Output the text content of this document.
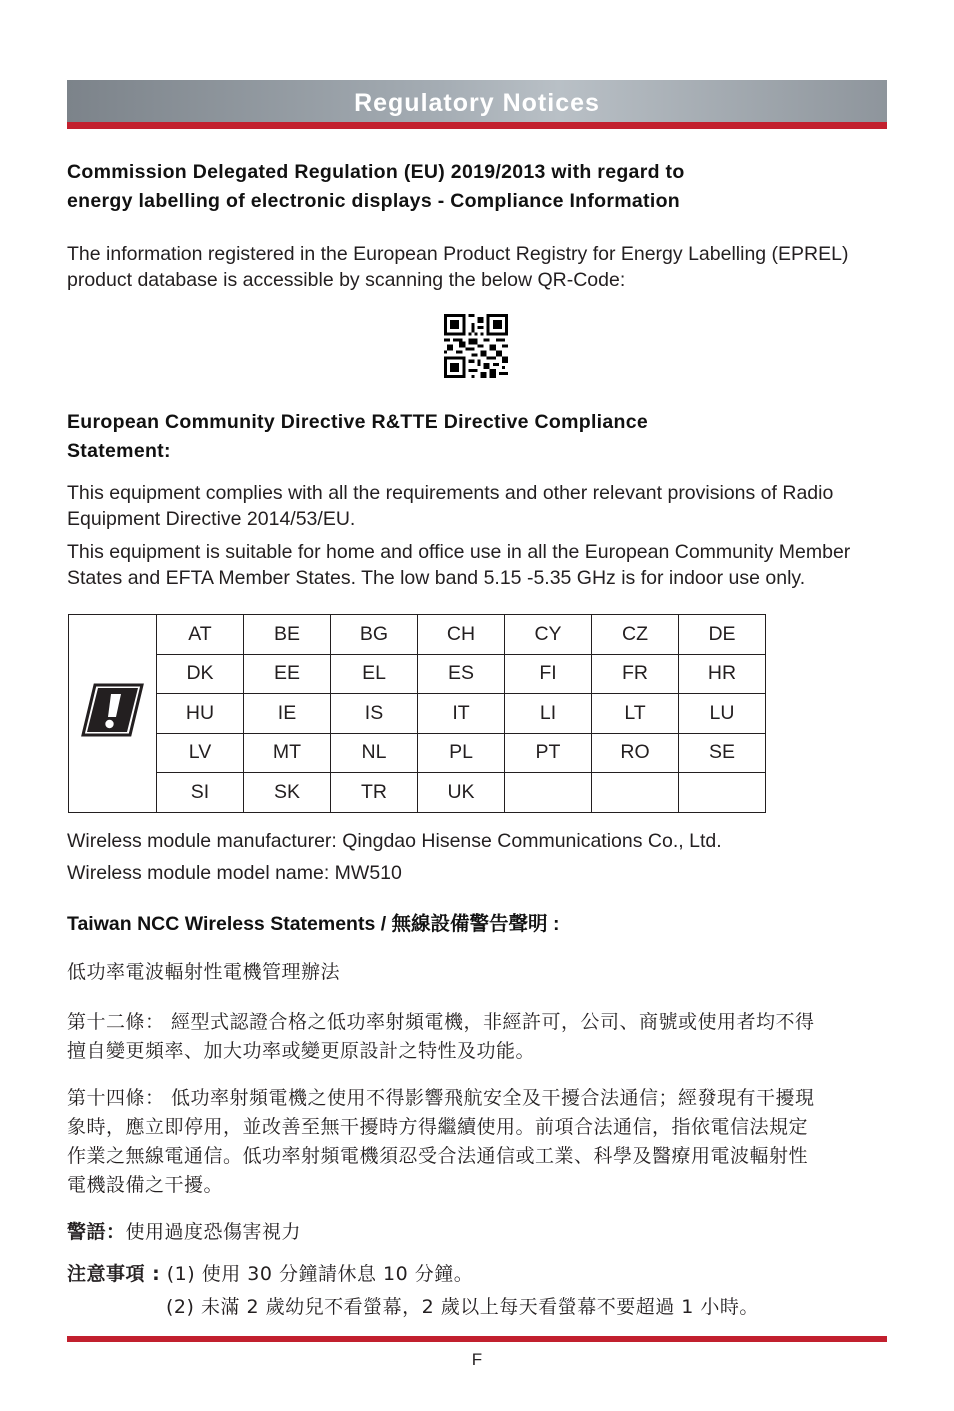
Regulatory Notices
Commission Delegated Regulation (EU) 2019/2013 with regard to
energy labelling of electronic displays - Compliance Information
The information registered in the European Product Registry for Energy Labelling (EPREL)
product database is accessible by scanning the below QR-Code:
European Community Directive R&TTE Directive Compliance
Statement:
This equipment complies with all the requirements and other relevant provisions of Radio
Equipment Directive 2014/53/EU.
This equipment is suitable for home and office use in all the European Community Member
States and EFTA Member States. The low band 5.15 -5.35 GHz is for indoor use only.
	AT	BE	BG	CH	CY	CZ	DE
	DK	EE	EL	ES	FI	FR	HR
	HU	IE	IS	IT	LI	LT	LU
	LV	MT	NL	PL	PT	RO	SE
	SI	SK	TR	UK			
Wireless module manufacturer: Qingdao Hisense Communications Co., Ltd.
Wireless module model name: MW510
Taiwan NCC Wireless Statements / 無線設備警告聲明 :
低功率電波輻射性電機管理辦法
第十二條： 經型式認證合格之低功率射頻電機，非經許可，公司、商號或使用者均不得
擅自變更頻率、加大功率或變更原設計之特性及功能。
第十四條： 低功率射頻電機之使用不得影響飛航安全及干擾合法通信；經發現有干擾現
象時，應立即停用，並改善至無干擾時方得繼續使用。前項合法通信，指依電信法規定
作業之無線電通信。低功率射頻電機須忍受合法通信或工業、科學及醫療用電波輻射性
電機設備之干擾。
警語：使用過度恐傷害視力
注意事項 : (1) 使用 30 分鐘請休息 10 分鐘。
(2) 未滿 2 歲幼兒不看螢幕，2 歲以上每天看螢幕不要超過 1 小時。
F
